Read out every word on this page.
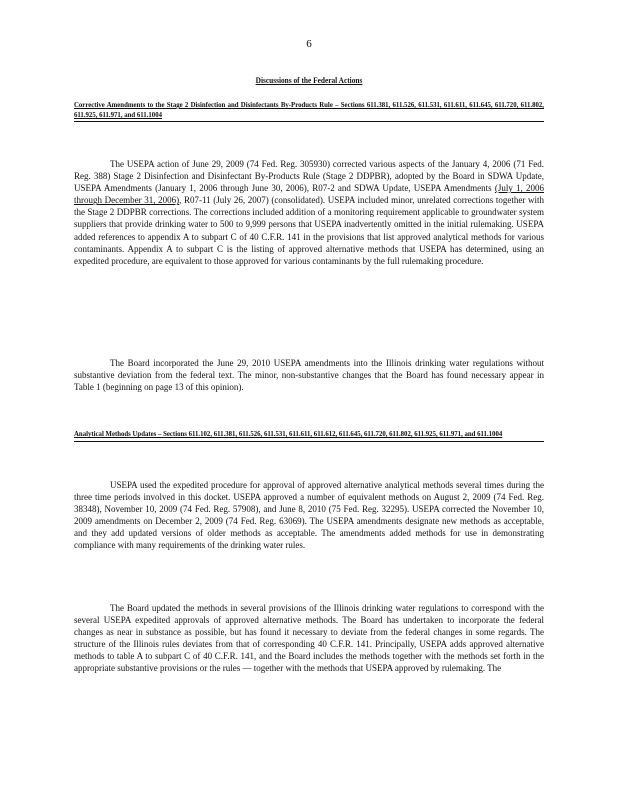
6
Discussions of the Federal Actions
Corrective Amendments to the Stage 2 Disinfection and Disinfectants By-Products Rule – Sections 611.381, 611.526, 611.531, 611.611, 611.645, 611.720, 611.802, 611.925, 611.971, and 611.1004

The USEPA action of June 29, 2009 (74 Fed. Reg. 305930) corrected various aspects of the January 4, 2006 (71 Fed. Reg. 388) Stage 2 Disinfection and Disinfectant By-Products Rule (Stage 2 DDPBR), adopted by the Board in SDWA Update, USEPA Amendments (January 1, 2006 through June 30, 2006), R07-2 and SDWA Update, USEPA Amendments (July 1, 2006 through December 31, 2006), R07-11 (July 26, 2007) (consolidated). USEPA included minor, unrelated corrections together with the Stage 2 DDPBR corrections. The corrections included addition of a monitoring requirement applicable to groundwater system suppliers that provide drinking water to 500 to 9,999 persons that USEPA inadvertently omitted in the initial rulemaking. USEPA added references to appendix A to subpart C of 40 C.F.R. 141 in the provisions that list approved analytical methods for various contaminants. Appendix A to subpart C is the listing of approved alternative methods that USEPA has determined, using an expedited procedure, are equivalent to those approved for various contaminants by the full rulemaking procedure.

The Board incorporated the June 29, 2010 USEPA amendments into the Illinois drinking water regulations without substantive deviation from the federal text. The minor, non-substantive changes that the Board has found necessary appear in Table 1 (beginning on page 13 of this opinion).

Analytical Methods Updates – Sections 611.102, 611.381, 611.526, 611.531, 611.611, 611.612, 611.645, 611.720, 611.802, 611.925, 611.971, and 611.1004

USEPA used the expedited procedure for approval of approved alternative analytical methods several times during the three time periods involved in this docket. USEPA approved a number of equivalent methods on August 2, 2009 (74 Fed. Reg. 38348), November 10, 2009 (74 Fed. Reg. 57908), and June 8, 2010 (75 Fed. Reg. 32295). USEPA corrected the November 10, 2009 amendments on December 2, 2009 (74 Fed. Reg. 63069). The USEPA amendments designate new methods as acceptable, and they add updated versions of older methods as acceptable. The amendments added methods for use in demonstrating compliance with many requirements of the drinking water rules.

The Board updated the methods in several provisions of the Illinois drinking water regulations to correspond with the several USEPA expedited approvals of approved alternative methods. The Board has undertaken to incorporate the federal changes as near in substance as possible, but has found it necessary to deviate from the federal changes in some regards. The structure of the Illinois rules deviates from that of corresponding 40 C.F.R. 141. Principally, USEPA adds approved alternative methods to table A to subpart C of 40 C.F.R. 141, and the Board includes the methods together with the methods set forth in the appropriate substantive provisions or the rules — together with the methods that USEPA approved by rulemaking. The
